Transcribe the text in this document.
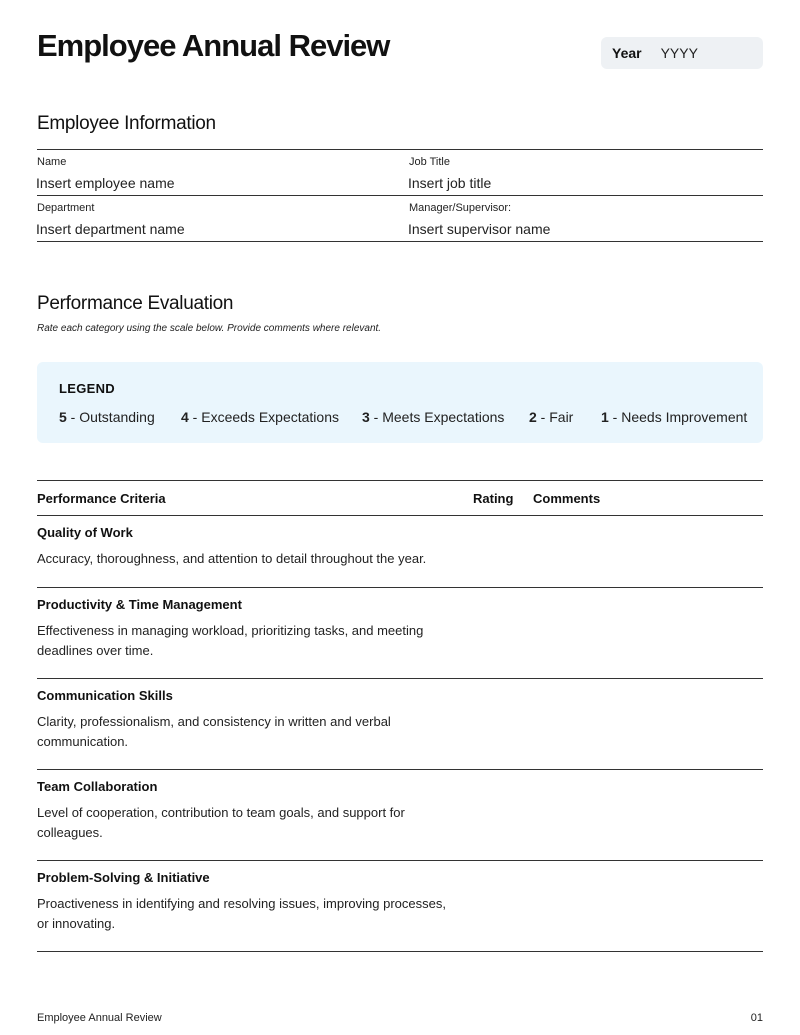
Employee Annual Review	Year YYYY
Employee Information
Name
Insert employee name
Job Title
Insert job title
Department
Insert department name
Manager/Supervisor:
Insert supervisor name
Performance Evaluation
Rate each category using the scale below. Provide comments where relevant.
LEGEND
5 - Outstanding 4 - Exceeds Expectations 3 - Meets Expectations 2 - Fair 1 - Needs Improvement
Performance Criteria	Rating Comments
Quality of Work
Accuracy, thoroughness, and attention to detail throughout the year.
Productivity & Time Management
Effectiveness in managing workload, prioritizing tasks, and meeting deadlines over time.
Communication Skills
Clarity, professionalism, and consistency in written and verbal communication.
Team Collaboration
Level of cooperation, contribution to team goals, and support for colleagues.
Problem-Solving & Initiative
Proactiveness in identifying and resolving issues, improving processes, or innovating.
Employee Annual Review	01
